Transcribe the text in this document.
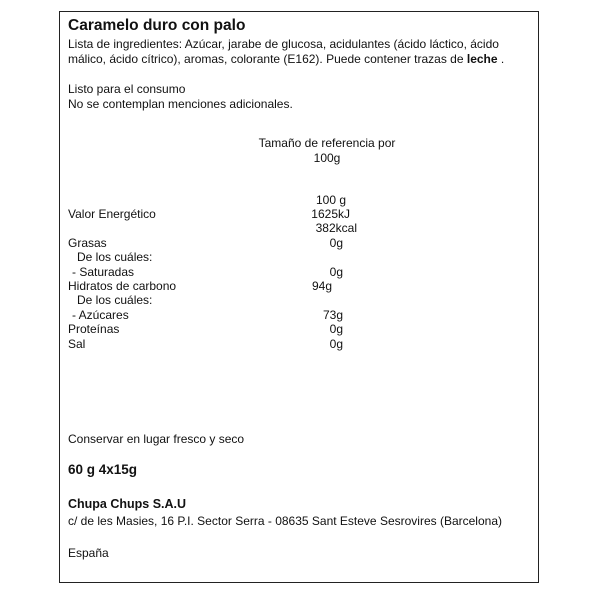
Caramelo duro con palo
Lista de ingredientes: Azúcar, jarabe de glucosa, acidulantes (ácido láctico, ácido málico, ácido cítrico), aromas, colorante (E162). Puede contener trazas de leche .
Listo para el consumo
No se contemplan menciones adicionales.
Tamaño de referencia por
100g
100 g
Valor Energético	1625kJ
382kcal
Grasas	0g
De los cuáles:
- Saturadas	0g
Hidratos de carbono	94g
De los cuáles:
- Azúcares	73g
Proteínas	0g
Sal	0g
Conservar en lugar fresco y seco
60 g 4x15g
Chupa Chups S.A.U
c/ de les Masies, 16 P.I. Sector Serra - 08635 Sant Esteve Sesrovires (Barcelona)
España
